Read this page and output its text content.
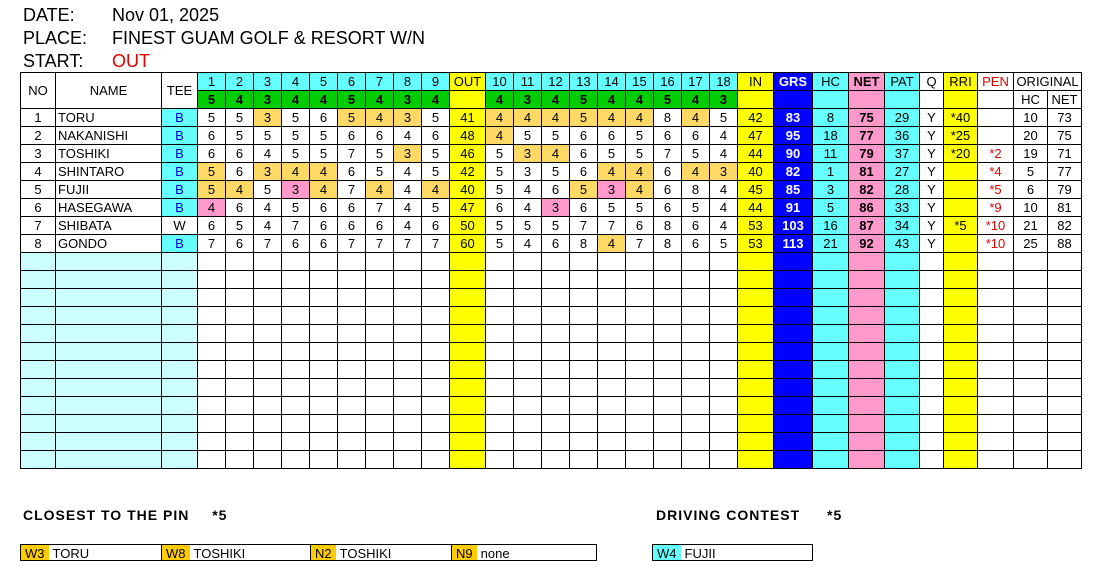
DATE: Nov 01, 2025
PLACE: FINEST GUAM GOLF & RESORT W/N
START: OUT
NO	NAME	TEE	1	2	3	4	5	6	7	8	9	OUT	10	11	12	13	14	15	16	17	18	IN	GRS	HC	NET	PAT	Q	RRI	PEN	ORIGINAL	
			5	4	3	4	4	5	4	3	4		4	3	4	5	4	4	5	4	3									HC	NET
1	TORU	B	5	5	3	5	6	5	4	3	5	41	4	4	4	5	4	4	8	4	5	42	83	8	75	29	Y	*40		10	73
2	NAKANISHI	B	6	5	5	5	5	6	6	4	6	48	4	5	5	6	6	5	6	6	4	47	95	18	77	36	Y	*25		20	75
3	TOSHIKI	B	6	6	4	5	5	7	5	3	5	46	5	3	4	6	5	5	7	5	4	44	90	11	79	37	Y	*20	*2	19	71
4	SHINTARO	B	5	6	3	4	4	6	5	4	5	42	5	3	5	6	4	4	6	4	3	40	82	1	81	27	Y		*4	5	77
5	FUJII	B	5	4	5	3	4	7	4	4	4	40	5	4	6	5	3	4	6	8	4	45	85	3	82	28	Y		*5	6	79
6	HASEGAWA	B	4	6	4	5	6	6	7	4	5	47	6	4	3	6	5	5	6	5	4	44	91	5	86	33	Y		*9	10	81
7	SHIBATA	W	6	5	4	7	6	6	6	4	6	50	5	5	5	7	7	6	8	6	4	53	103	16	87	34	Y	*5	*10	21	82
8	GONDO	B	7	6	7	6	6	7	7	7	7	60	5	4	6	8	4	7	8	6	5	53	113	21	92	43	Y		*10	25	88

CLOSEST TO THE PIN *5	DRIVING CONTEST *5
W3 TORU	W8 TOSHIKI	N2 TOSHIKI	N9 none	W4 FUJII
